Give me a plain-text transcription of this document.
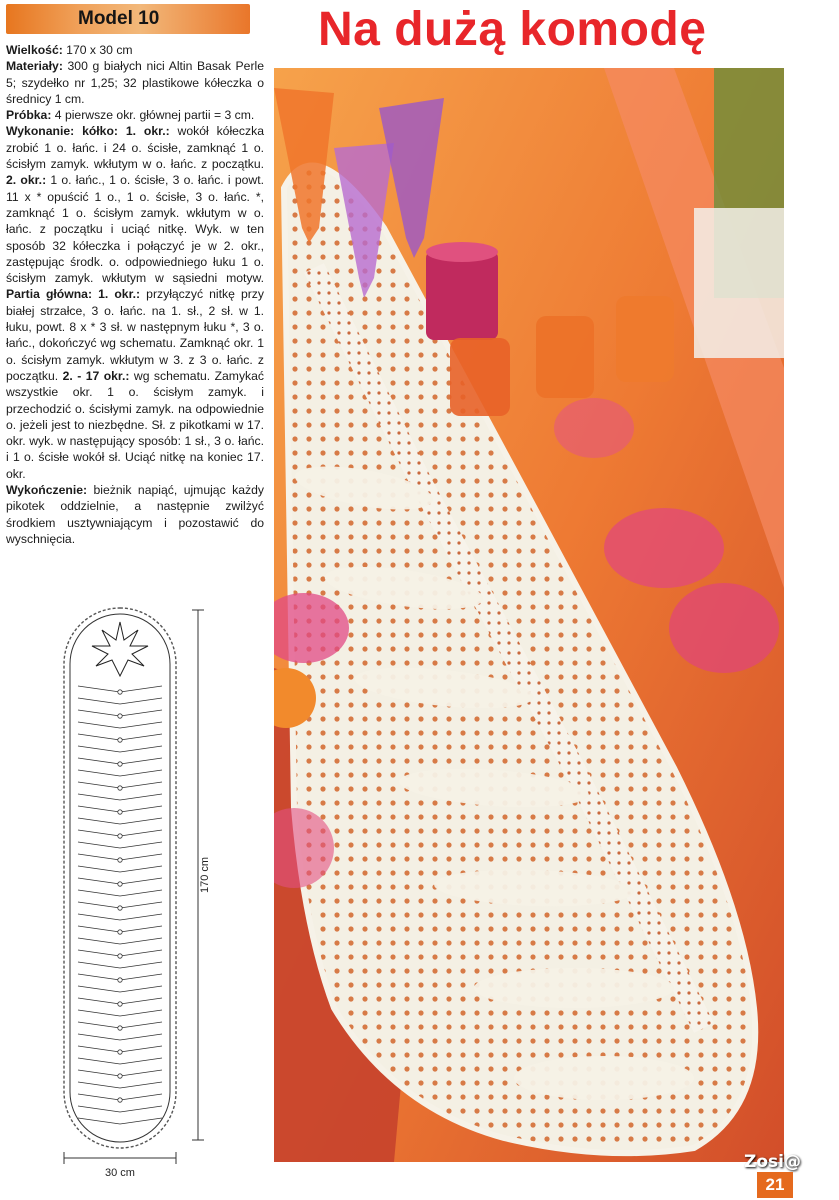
Model 10	Na dużą komodę

Wielkość: 170 x 30 cm

Materiały: 300 g białych nici Altin Basak Perle 5; szydełko nr 1,25; 32 plastikowe kółeczka o średnicy 1 cm.

Próbka: 4 pierwsze okr. głównej partii = 3 cm.

Wykonanie: kółko: 1. okr.: wokół kółeczka zrobić 1 o. łańc. i 24 o. ścisłe, zamknąć 1 o. ścisłym zamyk. wkłutym w o. łańc. z początku. 2. okr.: 1 o. łańc., 1 o. ścisłe, 3 o. łańc. i powt. 11 x * opuścić 1 o., 1 o. ścisłe, 3 o. łańc. *, zamknąć 1 o. ścisłym zamyk. wkłutym w o. łańc. z początku i uciąć nitkę. Wyk. w ten sposób 32 kółeczka i połączyć je w 2. okr., zastępując środk. o. odpowiedniego łuku 1 o. ścisłym zamyk. wkłutym w sąsiedni motyw. Partia główna: 1. okr.: przyłączyć nitkę przy białej strzałce, 3 o. łańc. na 1. sł., 2 sł. w 1. łuku, powt. 8 x * 3 sł. w następnym łuku *, 3 o. łańc., dokończyć wg schematu. Zamknąć okr. 1 o. ścisłym zamyk. wkłutym w 3. z 3 o. łańc. z początku. 2. - 17 okr.: wg schematu. Zamykać wszystkie okr. 1 o. ścisłym zamyk. i przechodzić o. ścisłymi zamyk. na odpowiednie o. jeżeli jest to niezbędne. Sł. z pikotkami w 17. okr. wyk. w następujący sposób: 1 sł., 3 o. łańc. i 1 o. ścisłe wokół sł. Uciąć nitkę na koniec 17. okr.

Wykończenie: bieżnik napiąć, ujmując każdy pikotek oddzielnie, a następnie zwilżyć środkiem usztywniającym i pozostawić do wyschnięcia.

170 cm
30 cm
Zosi@
21
